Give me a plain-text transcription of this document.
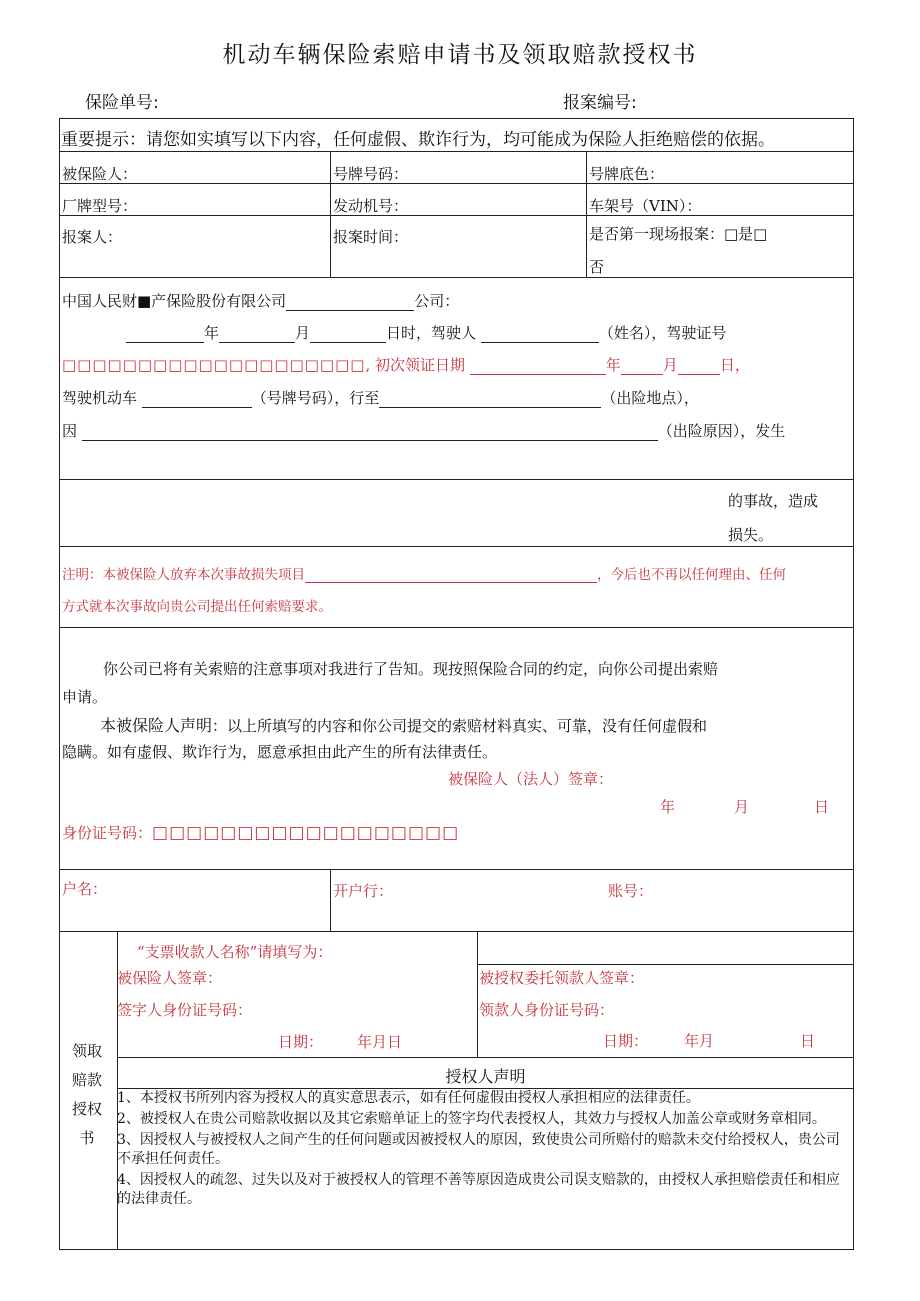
机动车辆保险索赔申请书及领取赔款授权书
保险单号:	报案编号:
重要提示：请您如实填写以下内容，任何虚假、欺诈行为，均可能成为保险人拒绝赔偿的依据。
被保险人：	号牌号码：	号牌底色：
厂牌型号：	发动机号：	车架号（VIN）：
报案人：	报案时间：	是否第一现场报案：□是□
否
中国人民财■产保险股份有限公司	公司：
年	月	日时，驾驶人	（姓名），驾驶证号
□□□□□□□□□□□□□□□□□□□□, 初次领证日期	年	月	日，
驾驶机动车	（号牌号码），行至	（出险地点），
因	（出险原因），发生
的事故，造成
损失。
注明：本被保险人放弃本次事故损失项目	，今后也不再以任何理由、任何
方式就本次事故向贵公司提出任何索赔要求。
你公司已将有关索赔的注意事项对我进行了告知。现按照保险合同的约定，向你公司提出索赔
申请。
本被保险人声明：以上所填写的内容和你公司提交的索赔材料真实、可靠，没有任何虚假和
隐瞒。如有虚假、欺诈行为，愿意承担由此产生的所有法律责任。
被保险人（法人）签章：
年	月	日
身份证号码：□□□□□□□□□□□□□□□□□□
户名：	开户行：	账号：
领取
赔款
授权
书
“支票收款人名称”请填写为：
被保险人签章：
签字人身份证号码：
日期： 年月日
被授权委托领款人签章：
领款人身份证号码：
日期： 年月	日
授权人声明
1、本授权书所列内容为授权人的真实意思表示，如有任何虚假由授权人承担相应的法律责任。
2、被授权人在贵公司赔款收据以及其它索赔单证上的签字均代表授权人，其效力与授权人加盖公章或财务章相同。
3、因授权人与被授权人之间产生的任何问题或因被授权人的原因，致使贵公司所赔付的赔款未交付给授权人，贵公司不承担任何责任。
4、因授权人的疏忽、过失以及对于被授权人的管理不善等原因造成贵公司误支赔款的，由授权人承担赔偿责任和相应的法律责任。
